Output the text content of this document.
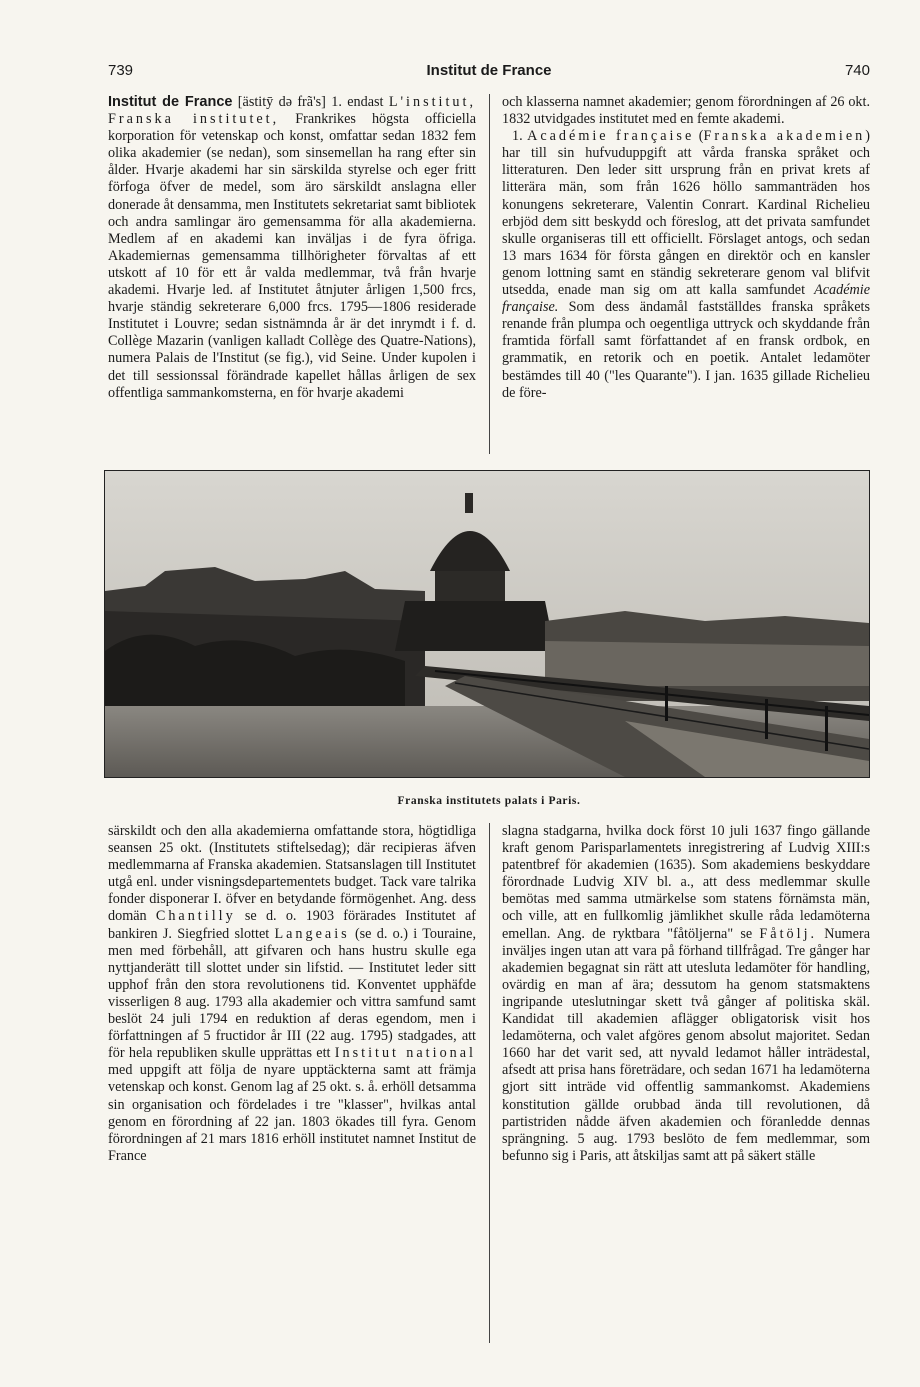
739	Institut de France	740

Institut de France [ästitȳ də frã's] 1. endast L'institut, Franska institutet, Frankrikes högsta officiella korporation för vetenskap och konst, omfattar sedan 1832 fem olika akademier (se nedan), som sinsemellan ha rang efter sin ålder. Hvarje akademi har sin särskilda styrelse och eger fritt förfoga öfver de medel, som äro särskildt anslagna eller donerade åt densamma, men Institutets sekretariat samt bibliotek och andra samlingar äro gemensamma för alla akademierna. Medlem af en akademi kan inväljas i de fyra öfriga. Akademiernas gemensamma tillhörigheter förvaltas af ett utskott af 10 för ett år valda medlemmar, två från hvarje akademi. Hvarje led. af Institutet åtnjuter årligen 1,500 frcs, hvarje ständig sekreterare 6,000 frcs. 1795—1806 residerade Institutet i Louvre; sedan sistnämnda år är det inrymdt i f. d. Collège Mazarin (vanligen kalladt Collège des Quatre-Nations), numera Palais de l'Institut (se fig.), vid Seine. Under kupolen i det till sessionssal förändrade kapellet hållas årligen de sex offentliga sammankomsterna, en för hvarje akademi

och klasserna namnet akademier; genom förordningen af 26 okt. 1832 utvidgades institutet med en femte akademi.

1. Académie française (Franska akademien) har till sin hufvuduppgift att vårda franska språket och litteraturen. Den leder sitt ursprung från en privat krets af litterära män, som från 1626 höllo sammanträden hos konungens sekreterare, Valentin Conrart. Kardinal Richelieu erbjöd dem sitt beskydd och föreslog, att det privata samfundet skulle organiseras till ett officiellt. Förslaget antogs, och sedan 13 mars 1634 för första gången en direktör och en kansler genom lottning samt en ständig sekreterare genom val blifvit utsedda, enade man sig om att kalla samfundet Académie française. Som dess ändamål fastställdes franska språkets renande från plumpa och oegentliga uttryck och skyddande från framtida förfall samt författandet af en fransk ordbok, en grammatik, en retorik och en poetik. Antalet ledamöter bestämdes till 40 ("les Quarante"). I jan. 1635 gillade Richelieu de före-

Franska institutets palats i Paris.

särskildt och den alla akademierna omfattande stora, högtidliga seansen 25 okt. (Institutets stiftelsedag); där recipieras äfven medlemmarna af Franska akademien. Statsanslagen till Institutet utgå enl. under visningsdepartementets budget. Tack vare talrika fonder disponerar I. öfver en betydande förmögenhet. Ang. dess domän Chantilly se d. o. 1903 förärades Institutet af bankiren J. Siegfried slottet Langeais (se d. o.) i Touraine, men med förbehåll, att gifvaren och hans hustru skulle ega nyttjanderätt till slottet under sin lifstid. — Institutet leder sitt upphof från den stora revolutionens tid. Konventet upphäfde visserligen 8 aug. 1793 alla akademier och vittra samfund samt beslöt 24 juli 1794 en reduktion af deras egendom, men i författningen af 5 fructidor år III (22 aug. 1795) stadgades, att för hela republiken skulle upprättas ett Institut national med uppgift att följa de nyare upptäckterna samt att främja vetenskap och konst. Genom lag af 25 okt. s. å. erhöll detsamma sin organisation och fördelades i tre "klasser", hvilkas antal genom en förordning af 22 jan. 1803 ökades till fyra. Genom förordningen af 21 mars 1816 erhöll institutet namnet Institut de France

slagna stadgarna, hvilka dock först 10 juli 1637 fingo gällande kraft genom Parisparlamentets inregistrering af Ludvig XIII:s patentbref för akademien (1635). Som akademiens beskyddare förordnade Ludvig XIV bl. a., att dess medlemmar skulle bemötas med samma utmärkelse som statens förnämsta män, och ville, att en fullkomlig jämlikhet skulle råda ledamöterna emellan. Ang. de ryktbara "fåtöljerna" se Fåtölj. Numera inväljes ingen utan att vara på förhand tillfrågad. Tre gånger har akademien begagnat sin rätt att utesluta ledamöter för handling, ovärdig en man af ära; dessutom ha genom statsmaktens ingripande uteslutningar skett två gånger af politiska skäl. Kandidat till akademien aflägger obligatorisk visit hos ledamöterna, och valet afgöres genom absolut majoritet. Sedan 1660 har det varit sed, att nyvald ledamot håller inträdestal, afsedt att prisa hans företrädare, och sedan 1671 ha ledamöterna gjort sitt inträde vid offentlig sammankomst. Akademiens konstitution gällde orubbad ända till revolutionen, då partistriden nådde äfven akademien och föranledde dennas sprängning. 5 aug. 1793 beslöto de fem medlemmar, som befunno sig i Paris, att åtskiljas samt att på säkert ställe
